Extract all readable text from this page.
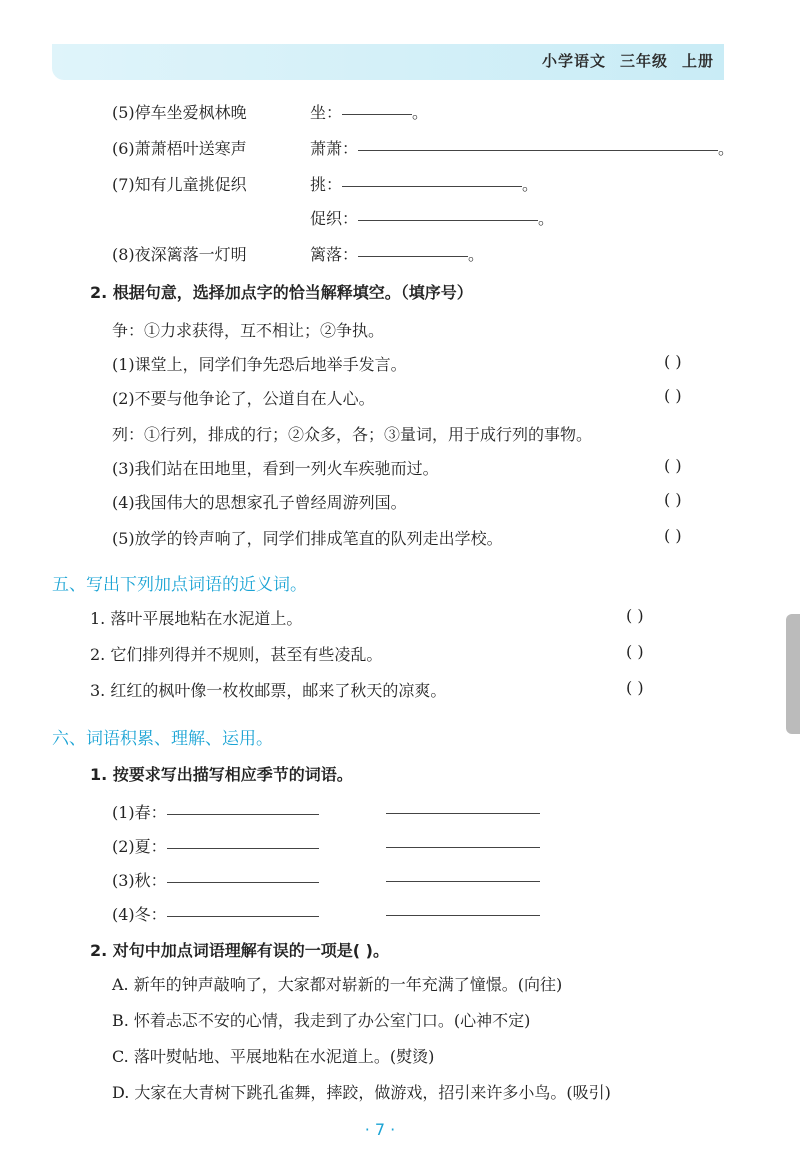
小学语文 三年级 上册
(5)停车坐爱枫林晚	坐：	。
(6)萧萧梧叶送寒声	萧萧：	。
(7)知有儿童挑促织	挑：	。
促织：	。
(8)夜深篱落一灯明	篱落：	。
2. 根据句意，选择加点字的恰当解释填空。（填序号）
争：①力求获得，互不相让；②争执。
(1)课堂上，同学们争先恐后地举手发言。	( )
(2)不要与他争论了，公道自在人心。	( )
列：①行列，排成的行；②众多，各；③量词，用于成行列的事物。
(3)我们站在田地里，看到一列火车疾驰而过。	( )
(4)我国伟大的思想家孔子曾经周游列国。	( )
(5)放学的铃声响了，同学们排成笔直的队列走出学校。	( )
五、写出下列加点词语的近义词。
1. 落叶平展地粘在水泥道上。	( )
2. 它们排列得并不规则，甚至有些凌乱。	( )
3. 红红的枫叶像一枚枚邮票，邮来了秋天的凉爽。	( )
六、词语积累、理解、运用。
1. 按要求写出描写相应季节的词语。
(1)春：
(2)夏：
(3)秋：
(4)冬：
2. 对句中加点词语理解有误的一项是( )。
A. 新年的钟声敲响了，大家都对崭新的一年充满了憧憬。(向往)
B. 怀着忐忑不安的心情，我走到了办公室门口。(心神不定)
C. 落叶熨帖地、平展地粘在水泥道上。(熨烫)
D. 大家在大青树下跳孔雀舞，摔跤，做游戏，招引来许多小鸟。(吸引)
· 7 ·
